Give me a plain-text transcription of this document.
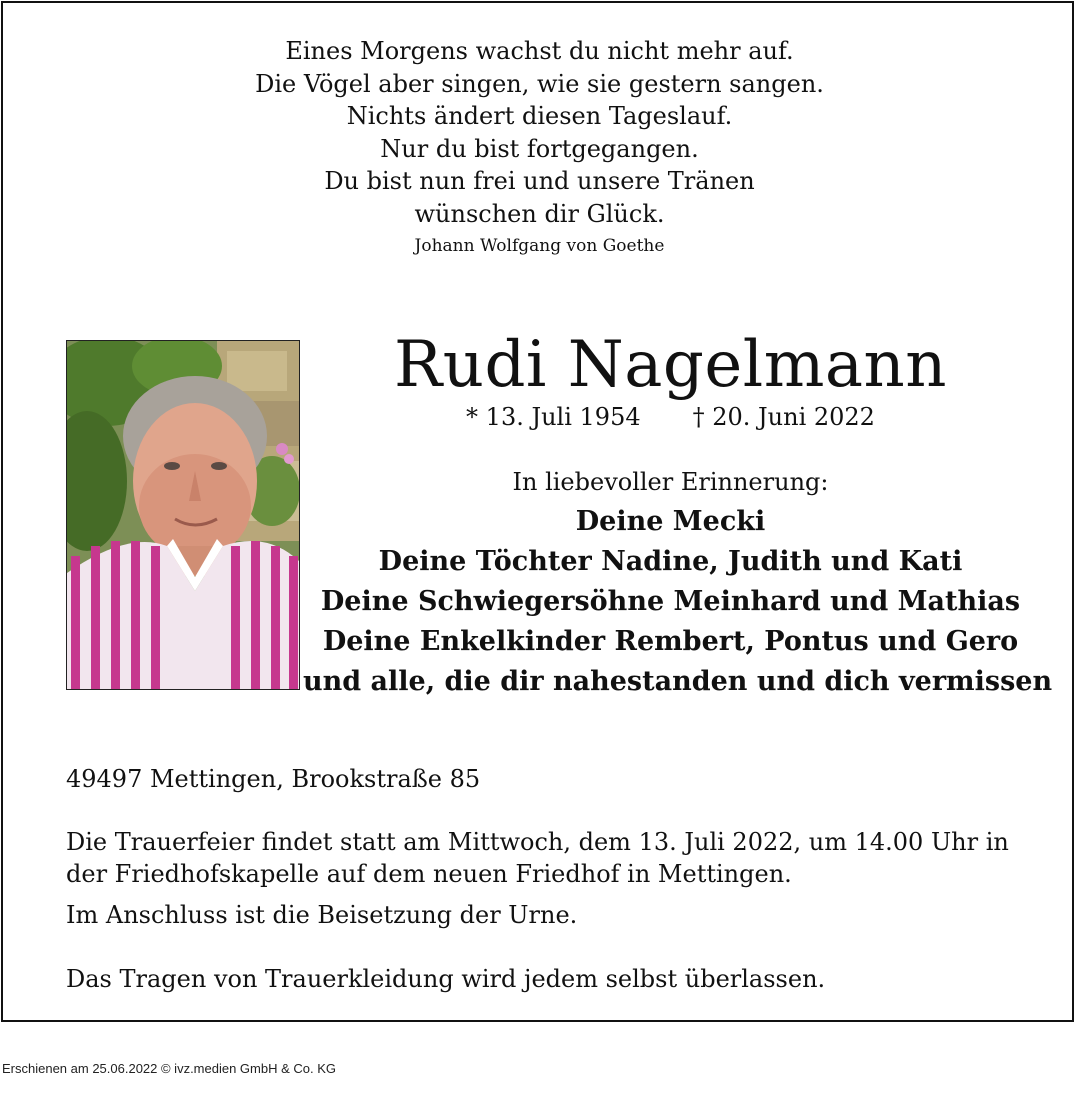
Eines Morgens wachst du nicht mehr auf.
Die Vögel aber singen, wie sie gestern sangen.
Nichts ändert diesen Tageslauf.
Nur du bist fortgegangen.
Du bist nun frei und unsere Tränen
wünschen dir Glück.
Johann Wolfgang von Goethe
Rudi Nagelmann
* 13. Juli 1954 † 20. Juni 2022
In liebevoller Erinnerung:
Deine Mecki
Deine Töchter Nadine, Judith und Kati
Deine Schwiegersöhne Meinhard und Mathias
Deine Enkelkinder Rembert, Pontus und Gero
und alle, die dir nahestanden und dich vermissen
49497 Mettingen, Brookstraße 85
Die Trauerfeier findet statt am Mittwoch, dem 13. Juli 2022, um 14.00 Uhr in der Friedhofskapelle auf dem neuen Friedhof in Mettingen.
Im Anschluss ist die Beisetzung der Urne.
Das Tragen von Trauerkleidung wird jedem selbst überlassen.
Erschienen am 25.06.2022 © ivz.medien GmbH & Co. KG
